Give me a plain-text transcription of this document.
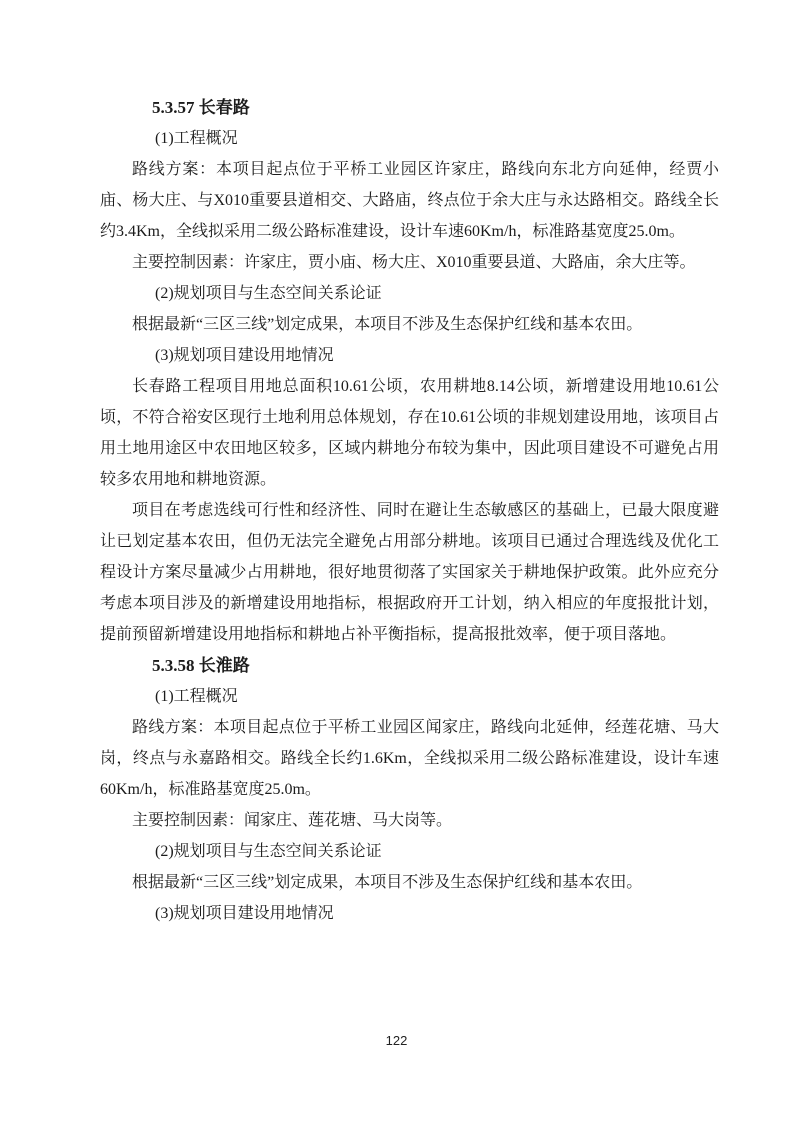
5.3.57 长春路

(1)工程概况

路线方案：本项目起点位于平桥工业园区许家庄，路线向东北方向延伸，经贾小庙、杨大庄、与X010重要县道相交、大路庙，终点位于余大庄与永达路相交。路线全长约3.4Km，全线拟采用二级公路标准建设，设计车速60Km/h，标准路基宽度25.0m。

主要控制因素：许家庄，贾小庙、杨大庄、X010重要县道、大路庙，余大庄等。

(2)规划项目与生态空间关系论证

根据最新“三区三线”划定成果，本项目不涉及生态保护红线和基本农田。

(3)规划项目建设用地情况

长春路工程项目用地总面积10.61公顷，农用耕地8.14公顷，新增建设用地10.61公顷，不符合裕安区现行土地利用总体规划，存在10.61公顷的非规划建设用地，该项目占用土地用途区中农田地区较多，区域内耕地分布较为集中，因此项目建设不可避免占用较多农用地和耕地资源。

项目在考虑选线可行性和经济性、同时在避让生态敏感区的基础上，已最大限度避让已划定基本农田，但仍无法完全避免占用部分耕地。该项目已通过合理选线及优化工程设计方案尽量减少占用耕地，很好地贯彻落了实国家关于耕地保护政策。此外应充分考虑本项目涉及的新增建设用地指标，根据政府开工计划，纳入相应的年度报批计划，提前预留新增建设用地指标和耕地占补平衡指标，提高报批效率，便于项目落地。

5.3.58 长淮路

(1)工程概况

路线方案：本项目起点位于平桥工业园区闻家庄，路线向北延伸，经莲花塘、马大岗，终点与永嘉路相交。路线全长约1.6Km，全线拟采用二级公路标准建设，设计车速60Km/h，标准路基宽度25.0m。

主要控制因素：闻家庄、莲花塘、马大岗等。

(2)规划项目与生态空间关系论证

根据最新“三区三线”划定成果，本项目不涉及生态保护红线和基本农田。

(3)规划项目建设用地情况

122
